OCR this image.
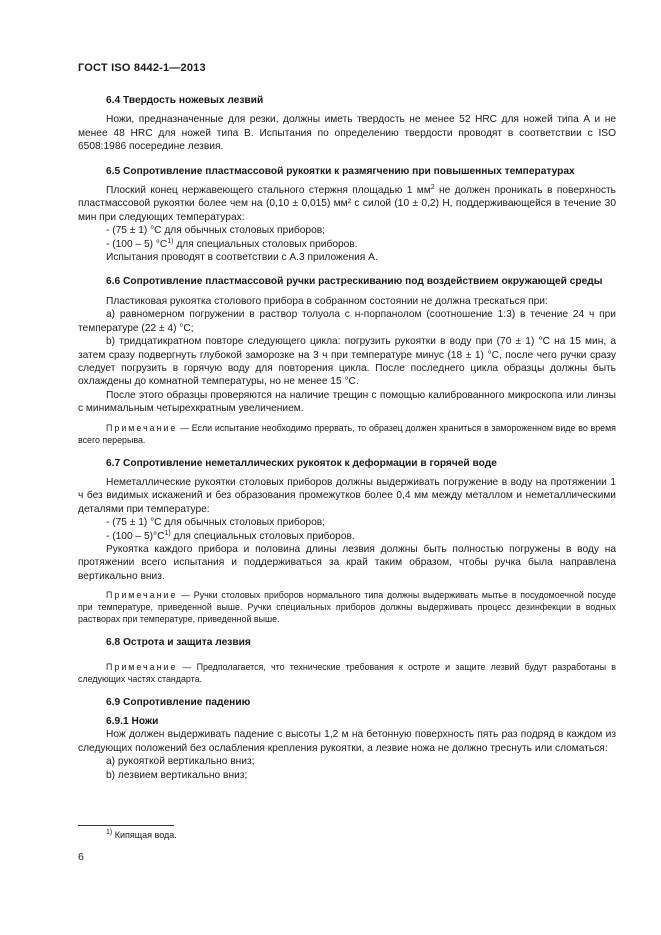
ГОСТ ISO 8442-1—2013

6.4 Твердость ножевых лезвий

Ножи, предназначенные для резки, должны иметь твердость не менее 52 HRC для ножей типа А и не менее 48 HRC для ножей типа В. Испытания по определению твердости проводят в соответствии с ISO 6508:1986 посередине лезвия.

6.5 Сопротивление пластмассовой рукоятки к размягчению при повышенных температурах

Плоский конец нержавеющего стального стержня площадью 1 $мм^2$ не должен проникать в поверхность пластмассовой рукоятки более чем на (0,10 ± 0,015) мм² с силой (10 ± 0,2) Н, поддерживающейся в течение 30 мин при следующих температурах:

- (75 ± 1) °C для обычных столовых приборов;

- (100 – 5) $^\circ C^{1)}$ для специальных столовых приборов.

Испытания проводят в соответствии с А.3 приложения А.

6.6 Сопротивление пластмассовой ручки растрескиванию под воздействием окружающей среды

Пластиковая рукоятка столового прибора в собранном состоянии не должна трескаться при:

а) равномерном погружении в раствор толуола с н-порпанолом (соотношение 1:3) в течение 24 ч при температуре (22 ± 4) °C;

b) тридцатикратном повторе следующего цикла: погрузить рукоятки в воду при (70 ± 1) °C на 15 мин, а затем сразу подвергнуть глубокой заморозке на 3 ч при температуре минус (18 ± 1) °C, после чего ручки сразу следует погрузить в горячую воду для повторения цикла. После последнего цикла образцы должны быть охлаждены до комнатной температуры, но не менее 15 °C.

После этого образцы проверяются на наличие трещин с помощью калиброванного микроскопа или линзы с минимальным четырехкратным увеличением.

Примечание — Если испытание необходимо прервать, то образец должен храниться в замороженном виде во время всего перерыва.

6.7 Сопротивление неметаллических рукояток к деформации в горячей воде

Неметаллические рукоятки столовых приборов должны выдерживать погружение в воду на протяжении 1 ч без видимых искажений и без образования промежутков более 0,4 мм между металлом и неметаллическими деталями при температуре:

- (75 ± 1) °C для обычных столовых приборов;

- $(100 - 5)^\circ C^{1)}$ для специальных столовых приборов.

Рукоятка каждого прибора и половина длины лезвия должны быть полностью погружены в воду на протяжении всего испытания и поддерживаться за край таким образом, чтобы ручка была направлена вертикально вниз.

Примечание — Ручки столовых приборов нормального типа должны выдерживать мытье в посудомоечной посуде при температуре, приведенной выше. Ручки специальных приборов должны выдерживать процесс дезинфекции в водных растворах при температуре, приведенной выше.

6.8 Острота и защита лезвия

Примечание — Предполагается, что технические требования к остроте и защите лезвий будут разработаны в следующих частях стандарта.

6.9 Сопротивление падению

6.9.1 Ножи

Нож должен выдерживать падение с высоты 1,2 м на бетонную поверхность пять раз подряд в каждом из следующих положений без ослабления крепления рукоятки, а лезвие ножа не должно треснуть или сломаться:

а) рукояткой вертикально вниз;

b) лезвием вертикально вниз;

$^{1)}$ Кипящая вода.
6
